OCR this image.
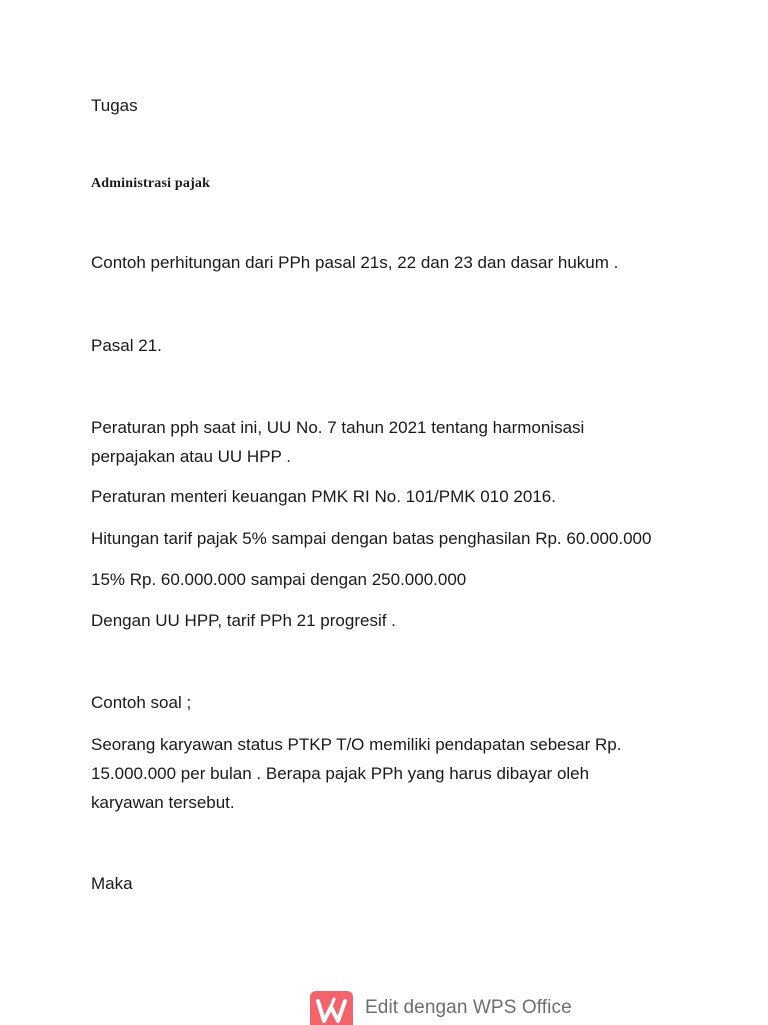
Tugas
Administrasi pajak
Contoh perhitungan dari PPh pasal 21s, 22 dan 23 dan dasar hukum .
Pasal 21.
Peraturan pph saat ini, UU No. 7 tahun 2021 tentang harmonisasi perpajakan atau UU HPP .
Peraturan menteri keuangan PMK RI No. 101/PMK 010 2016.
Hitungan tarif pajak 5% sampai dengan batas penghasilan Rp. 60.000.000
15% Rp. 60.000.000 sampai dengan 250.000.000
Dengan UU HPP, tarif PPh 21 progresif .
Contoh soal ;
Seorang karyawan status PTKP T/O memiliki pendapatan sebesar Rp. 15.000.000 per bulan . Berapa pajak PPh yang harus dibayar oleh karyawan tersebut.
Maka
Edit dengan WPS Office
